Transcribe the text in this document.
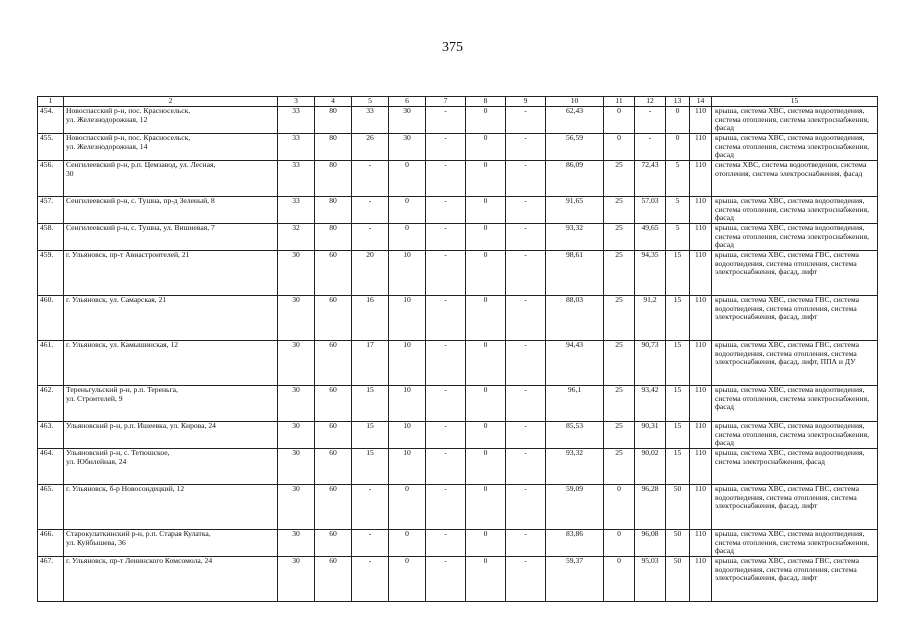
375
1	2	3	4	5	6	7	8	9	10	11	12	13	14	15
454.	Новоспасский р-н, пос. Красносельск,
ул. Железнодорожная, 12	33	80	33	30	-	0	-	62,43	0	-	0	110	крыша, система ХВС, система водоотведения, система отопления, система электроснабжения, фасад
455.	Новоспасский р-н, пос. Красносельск,
ул. Железнодорожная, 14	33	80	26	30	-	0	-	56,59	0	-	0	110	крыша, система ХВС, система водоотведения, система отопления, система электроснабжения, фасад
456.	Сенгилеевский р-н, р.п. Цемзавод, ул. Лесная,
30	33	80	-	0	-	0	-	86,09	25	72,43	5	110	система ХВС, система водоотведения, система отопления, система электроснабжения, фасад
457.	Сенгилеевский р-н, с. Тушна, пр-д Зеленый, 8	33	80	-	0	-	0	-	91,65	25	57,03	5	110	крыша, система ХВС, система водоотведения, система отопления, система электроснабжения, фасад
458.	Сенгилеевский р-н, с. Тушна, ул. Вишневая, 7	32	80	-	0	-	0	-	93,32	25	49,65	5	110	крыша, система ХВС, система водоотведения, система отопления, система электроснабжения, фасад
459.	г. Ульяновск, пр-т Авиастроителей, 21	30	60	20	10	-	0	-	98,61	25	94,35	15	110	крыша, система ХВС, система ГВС, система водоотведения, система отопления, система электроснабжения, фасад, лифт
460.	г. Ульяновск, ул. Самарская, 21	30	60	16	10	-	0	-	88,03	25	91,2	15	110	крыша, система ХВС, система ГВС, система водоотведения, система отопления, система электроснабжения, фасад, лифт
461.	г. Ульяновск, ул. Камышинская, 12	30	60	17	10	-	0	-	94,43	25	90,73	15	110	крыша, система ХВС, система ГВС, система водоотведения, система отопления, система электроснабжения, фасад, лифт, ППА и ДУ
462.	Тереньгульский р-н, р.п. Тереньга,
ул. Строителей, 9	30	60	15	10	-	0	-	96,1	25	93,42	15	110	крыша, система ХВС, система водоотведения, система отопления, система электроснабжения, фасад
463.	Ульяновский р-н, р.п. Ишеевка, ул. Кирова, 24	30	60	15	10	-	0	-	85,53	25	90,31	15	110	крыша, система ХВС, система водоотведения, система отопления, система электроснабжения, фасад
464.	Ульяновский р-н, с. Тетюшское,
ул. Юбилейная, 24	30	60	15	10	-	0	-	93,32	25	90,02	15	110	крыша, система ХВС, система водоотведения, система электроснабжения, фасад
465.	г. Ульяновск, б-р Новосондецкий, 12	30	60	-	0	-	0	-	59,09	0	96,28	50	110	крыша, система ХВС, система ГВС, система водоотведения, система отопления, система электроснабжения, фасад, лифт
466.	Старокулаткинский р-н, р.п. Старая Кулатка,
ул. Куйбышева, 36	30	60	-	0	-	0	-	83,86	0	96,08	50	110	крыша, система ХВС, система водоотведения, система отопления, система электроснабжения, фасад
467.	г. Ульяновск, пр-т Ленинского Комсомола, 24	30	60	-	0	-	0	-	59,37	0	95,03	50	110	крыша, система ХВС, система ГВС, система водоотведения, система отопления, система электроснабжения, фасад, лифт
